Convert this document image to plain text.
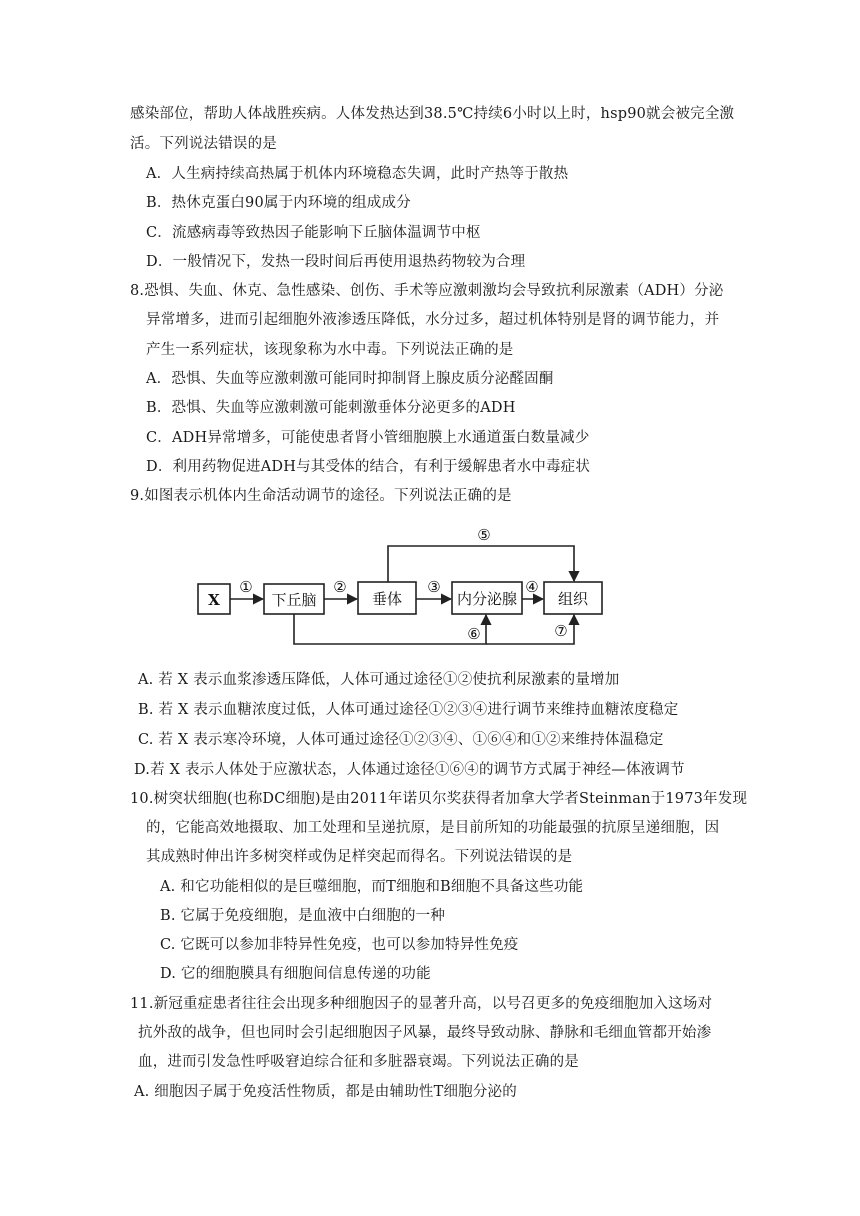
感染部位，帮助人体战胜疾病。人体发热达到38.5℃持续6小时以上时，hsp90就会被完全激
活。下列说法错误的是
A．人生病持续高热属于机体内环境稳态失调，此时产热等于散热
B．热休克蛋白90属于内环境的组成成分
C．流感病毒等致热因子能影响下丘脑体温调节中枢
D．一般情况下，发热一段时间后再使用退热药物较为合理
8.恐惧、失血、休克、急性感染、创伤、手术等应激刺激均会导致抗利尿激素（ADH）分泌
异常增多，进而引起细胞外液渗透压降低，水分过多，超过机体特别是肾的调节能力，并
产生一系列症状，该现象称为水中毒。下列说法正确的是
A．恐惧、失血等应激刺激可能同时抑制肾上腺皮质分泌醛固酮
B．恐惧、失血等应激刺激可能刺激垂体分泌更多的ADH
C．ADH异常增多，可能使患者肾小管细胞膜上水通道蛋白数量减少
D．利用药物促进ADH与其受体的结合，有利于缓解患者水中毒症状
9.如图表示机体内生命活动调节的途径。下列说法正确的是
X	下丘脑	垂体	内分泌腺	组织
①	②	③	④
⑤
⑥	⑦
A. 若 X 表示血浆渗透压降低，人体可通过途径①②使抗利尿激素的量增加
B. 若 X 表示血糖浓度过低，人体可通过途径①②③④进行调节来维持血糖浓度稳定
C. 若 X 表示寒冷环境，人体可通过途径①②③④、①⑥④和①②来维持体温稳定
D.若 X 表示人体处于应激状态，人体通过途径①⑥④的调节方式属于神经—体液调节
10.树突状细胞(也称DC细胞)是由2011年诺贝尔奖获得者加拿大学者Steinman于1973年发现
的，它能高效地摄取、加工处理和呈递抗原，是目前所知的功能最强的抗原呈递细胞，因
其成熟时伸出许多树突样或伪足样突起而得名。下列说法错误的是
A. 和它功能相似的是巨噬细胞，而T细胞和B细胞不具备这些功能
B. 它属于免疫细胞，是血液中白细胞的一种
C. 它既可以参加非特异性免疫，也可以参加特异性免疫
D. 它的细胞膜具有细胞间信息传递的功能
11.新冠重症患者往往会出现多种细胞因子的显著升高，以号召更多的免疫细胞加入这场对
抗外敌的战争，但也同时会引起细胞因子风暴，最终导致动脉、静脉和毛细血管都开始渗
血，进而引发急性呼吸窘迫综合征和多脏器衰竭。下列说法正确的是
A. 细胞因子属于免疫活性物质，都是由辅助性T细胞分泌的
